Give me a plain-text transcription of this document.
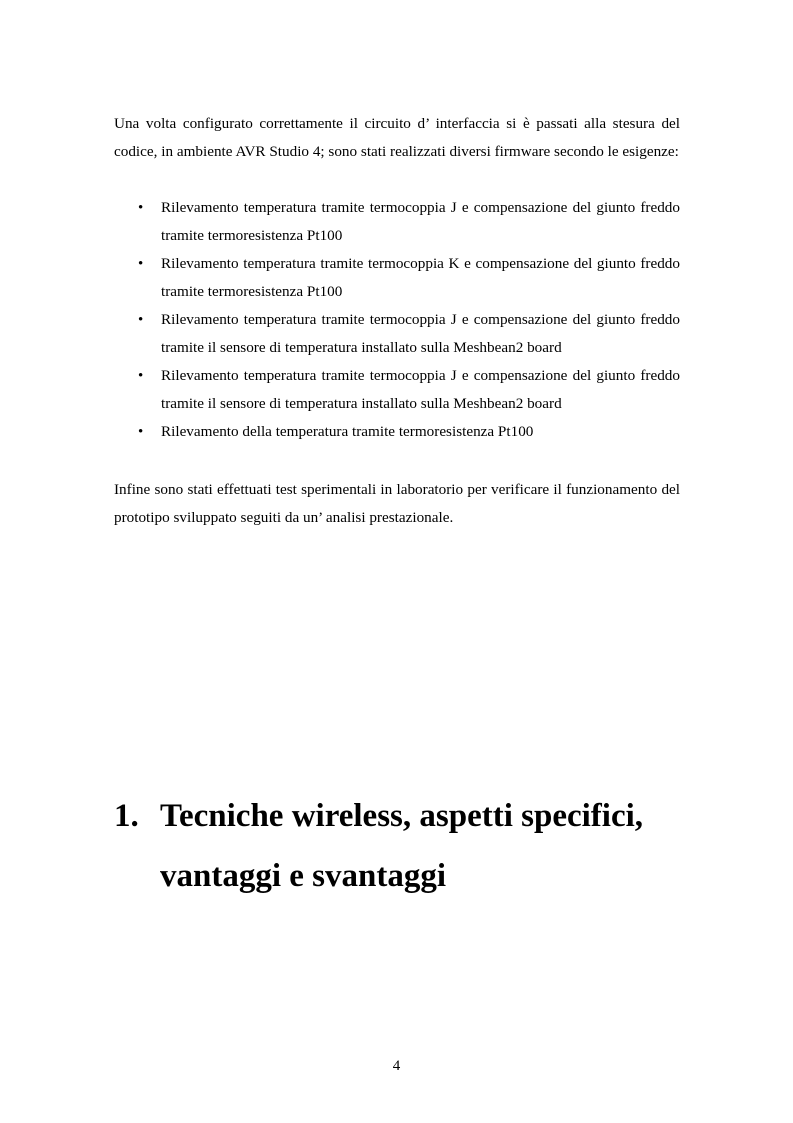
Una volta configurato correttamente il circuito d’ interfaccia si è passati alla stesura del codice, in ambiente AVR Studio 4; sono stati realizzati diversi firmware secondo le esigenze:

• Rilevamento temperatura tramite termocoppia J e compensazione del giunto freddo tramite termoresistenza Pt100
• Rilevamento temperatura tramite termocoppia K e compensazione del giunto freddo tramite termoresistenza Pt100
• Rilevamento temperatura tramite termocoppia J e compensazione del giunto freddo tramite il sensore di temperatura installato sulla Meshbean2 board
• Rilevamento temperatura tramite termocoppia J e compensazione del giunto freddo tramite il sensore di temperatura installato sulla Meshbean2 board
• Rilevamento della temperatura tramite termoresistenza Pt100

Infine sono stati effettuati test sperimentali in laboratorio per verificare il funzionamento del prototipo sviluppato seguiti da un’ analisi prestazionale.

1. Tecniche wireless, aspetti specifici, vantaggi e svantaggi
4
